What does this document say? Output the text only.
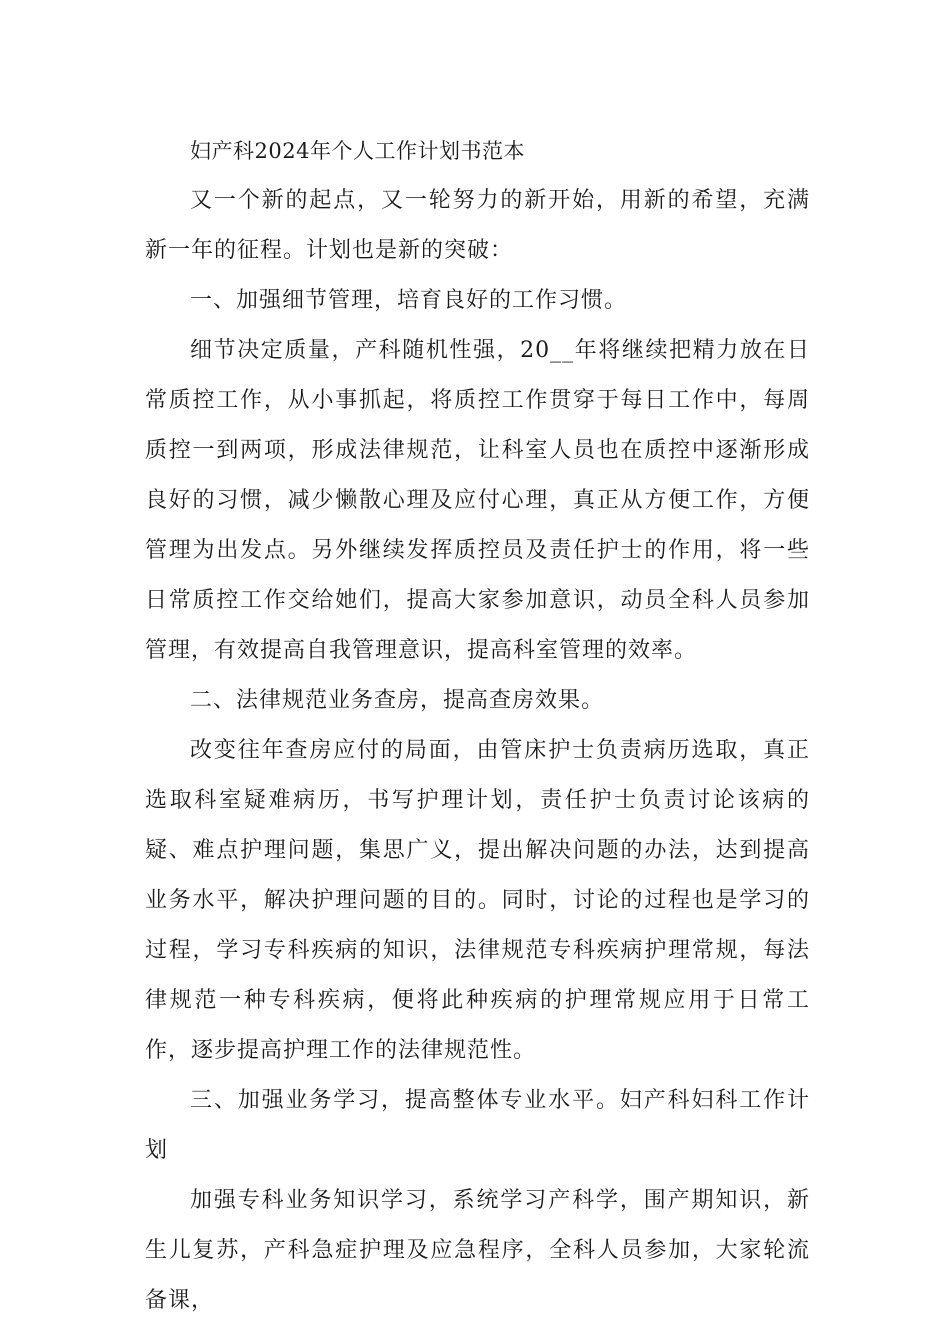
妇产科2024年个人工作计划书范本

又一个新的起点，又一轮努力的新开始，用新的希望，充满新一年的征程。计划也是新的突破：

一、加强细节管理，培育良好的工作习惯。

细节决定质量，产科随机性强，20__年将继续把精力放在日常质控工作，从小事抓起，将质控工作贯穿于每日工作中，每周质控一到两项，形成法律规范，让科室人员也在质控中逐渐形成良好的习惯，减少懒散心理及应付心理，真正从方便工作，方便管理为出发点。另外继续发挥质控员及责任护士的作用，将一些日常质控工作交给她们，提高大家参加意识，动员全科人员参加管理，有效提高自我管理意识，提高科室管理的效率。

二、法律规范业务查房，提高查房效果。

改变往年查房应付的局面，由管床护士负责病历选取，真正选取科室疑难病历，书写护理计划，责任护士负责讨论该病的疑、难点护理问题，集思广义，提出解决问题的办法，达到提高业务水平，解决护理问题的目的。同时，讨论的过程也是学习的过程，学习专科疾病的知识，法律规范专科疾病护理常规，每法律规范一种专科疾病，便将此种疾病的护理常规应用于日常工作，逐步提高护理工作的法律规范性。

三、加强业务学习，提高整体专业水平。妇产科妇科工作计划

加强专科业务知识学习，系统学习产科学，围产期知识，新生儿复苏，产科急症护理及应急程序，全科人员参加，大家轮流备课，
